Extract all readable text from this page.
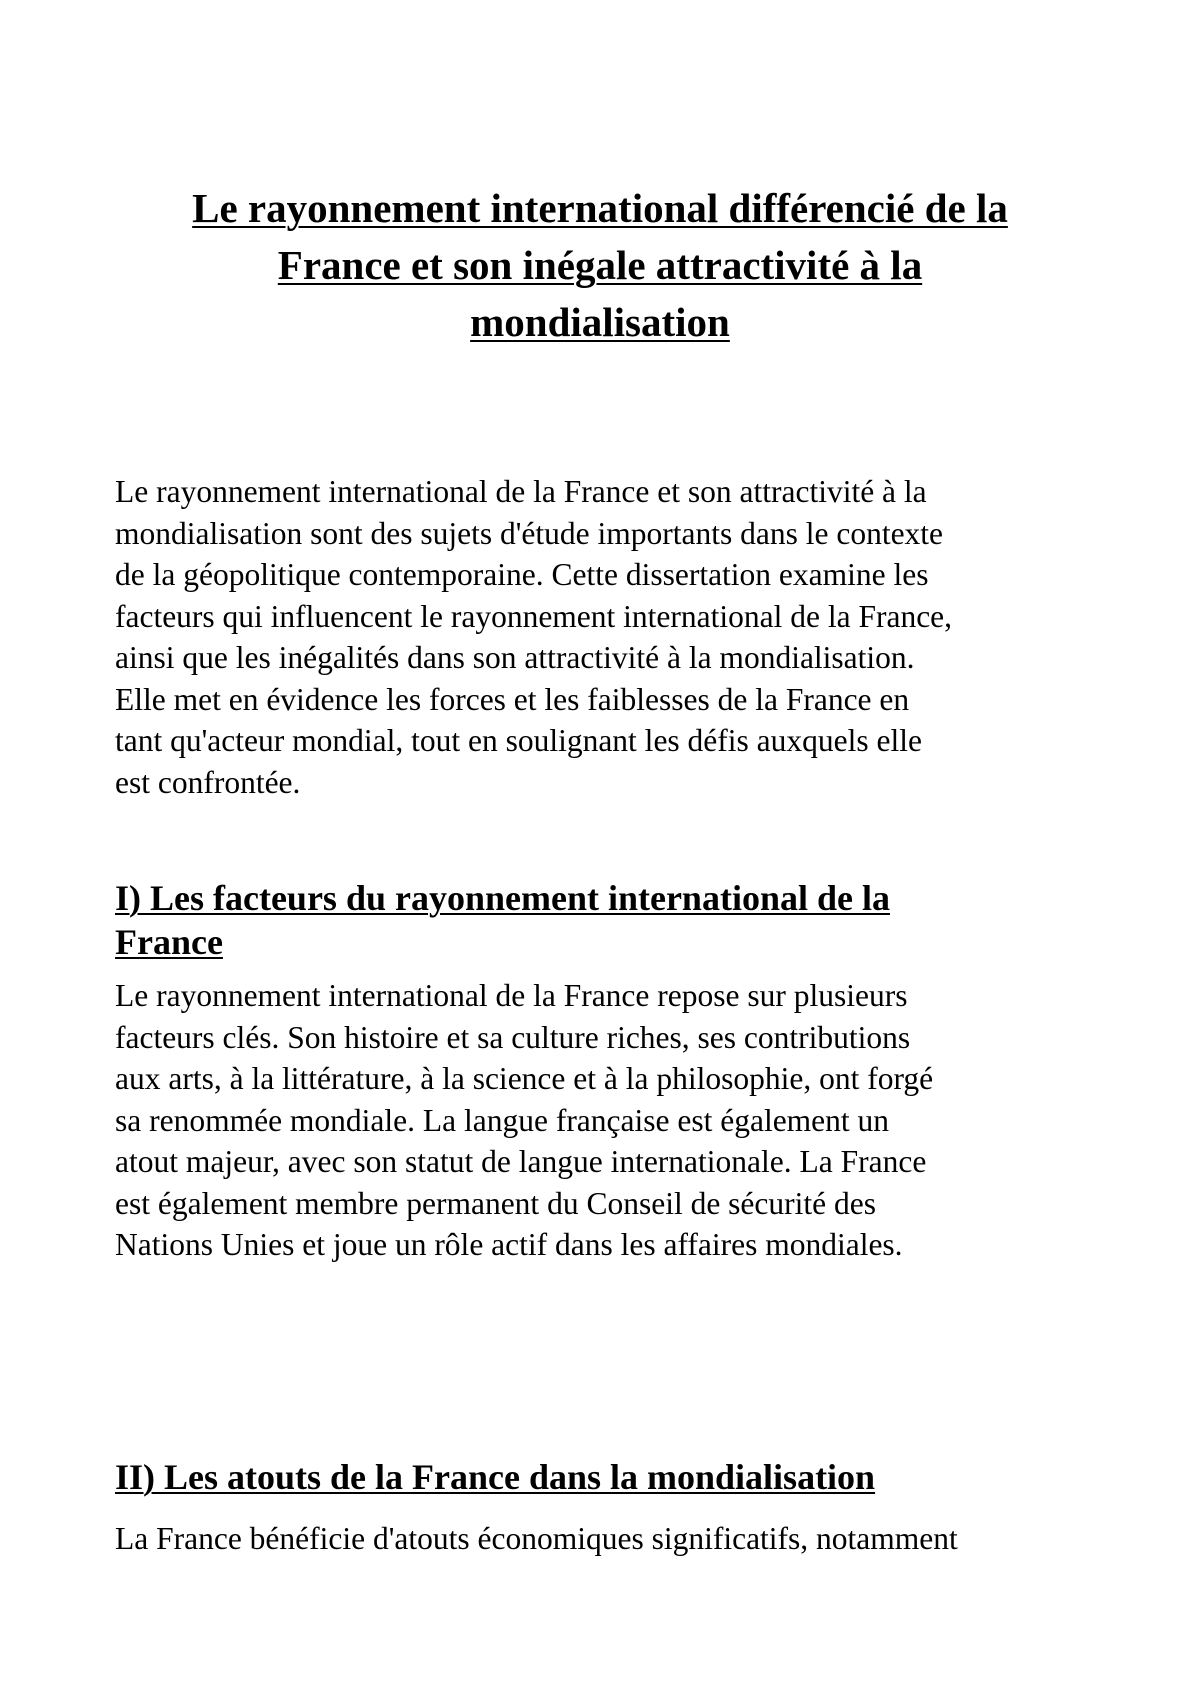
Le rayonnement international différencié de la
France et son inégale attractivité à la
mondialisation

Le rayonnement international de la France et son attractivité à la
mondialisation sont des sujets d'étude importants dans le contexte
de la géopolitique contemporaine. Cette dissertation examine les
facteurs qui influencent le rayonnement international de la France,
ainsi que les inégalités dans son attractivité à la mondialisation.
Elle met en évidence les forces et les faiblesses de la France en
tant qu'acteur mondial, tout en soulignant les défis auxquels elle
est confrontée.

I) Les facteurs du rayonnement international de la
France

Le rayonnement international de la France repose sur plusieurs
facteurs clés. Son histoire et sa culture riches, ses contributions
aux arts, à la littérature, à la science et à la philosophie, ont forgé
sa renommée mondiale. La langue française est également un
atout majeur, avec son statut de langue internationale. La France
est également membre permanent du Conseil de sécurité des
Nations Unies et joue un rôle actif dans les affaires mondiales.

II) Les atouts de la France dans la mondialisation

La France bénéficie d'atouts économiques significatifs, notamment
